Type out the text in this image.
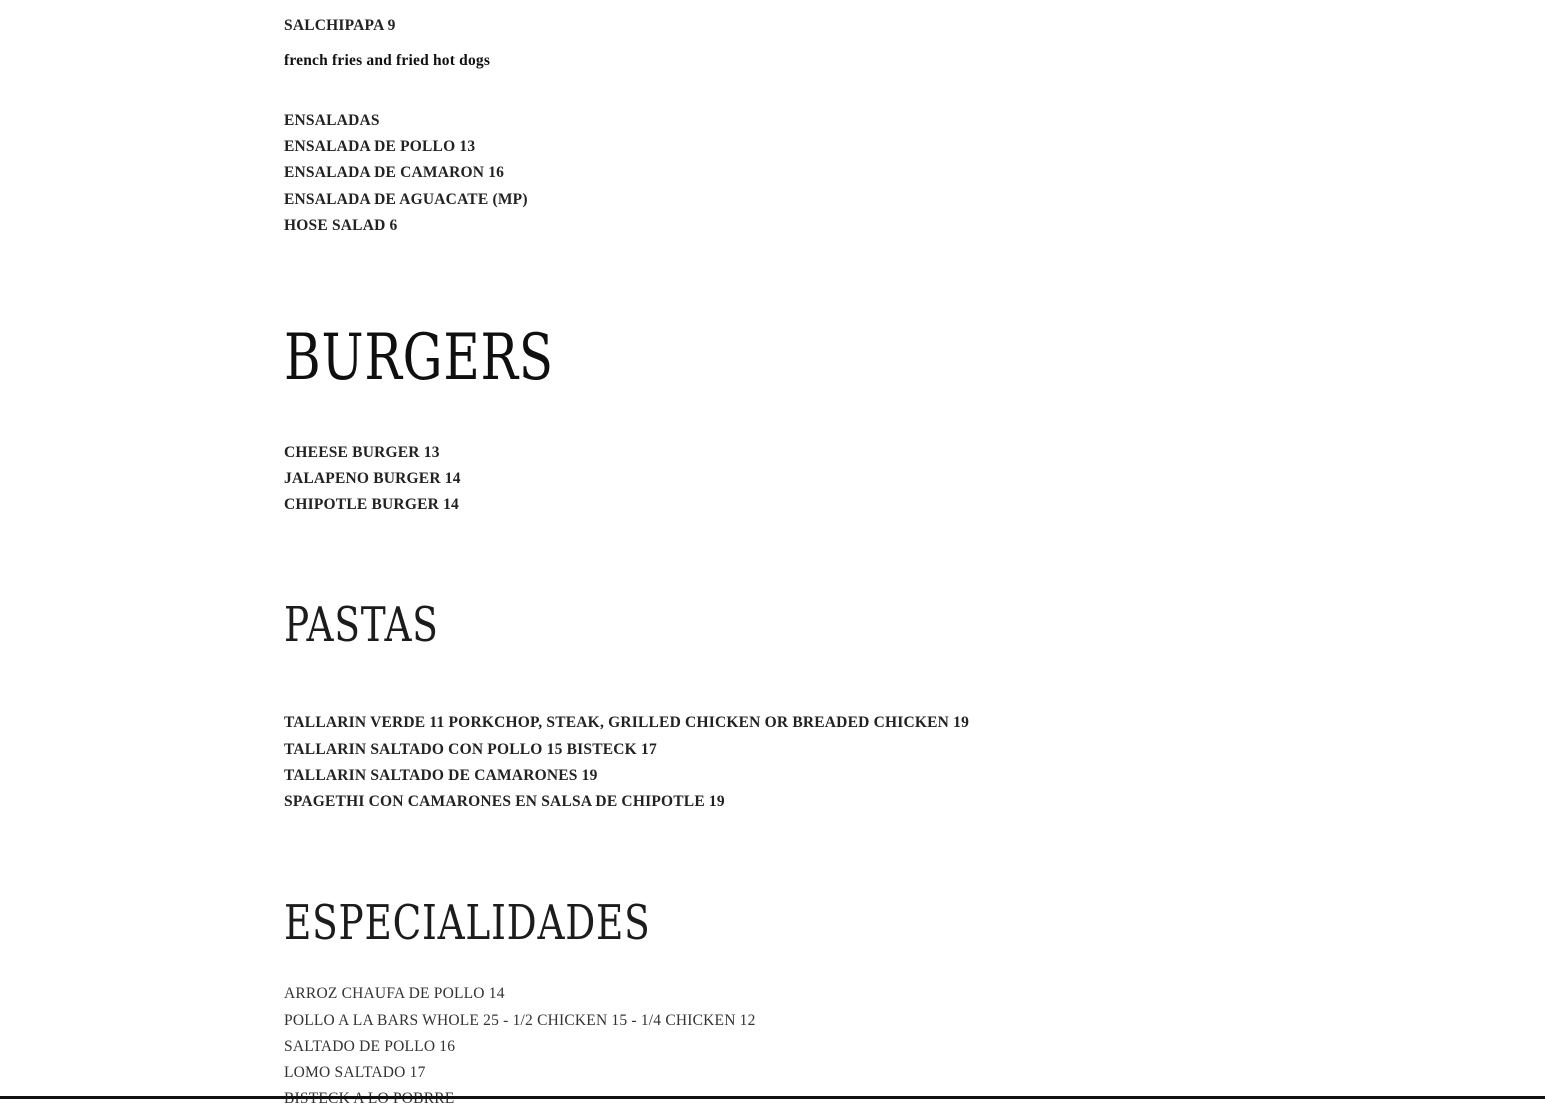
SALCHIPAPA 9
french fries and fried hot dogs
ENSALADAS
ENSALADA DE POLLO 13
ENSALADA DE CAMARON 16
ENSALADA DE AGUACATE (MP)
HOSE SALAD 6
BURGERS
CHEESE BURGER 13
JALAPENO BURGER 14
CHIPOTLE BURGER 14
PASTAS
TALLARIN VERDE 11 PORKCHOP, STEAK, GRILLED CHICKEN OR BREADED CHICKEN 19
TALLARIN SALTADO CON POLLO 15 BISTECK 17
TALLARIN SALTADO DE CAMARONES 19
SPAGETHI CON CAMARONES EN SALSA DE CHIPOTLE 19
ESPECIALIDADES
ARROZ CHAUFA DE POLLO 14
POLLO A LA BARS WHOLE 25 - 1/2 CHICKEN 15 - 1/4 CHICKEN 12
SALTADO DE POLLO 16
LOMO SALTADO 17
